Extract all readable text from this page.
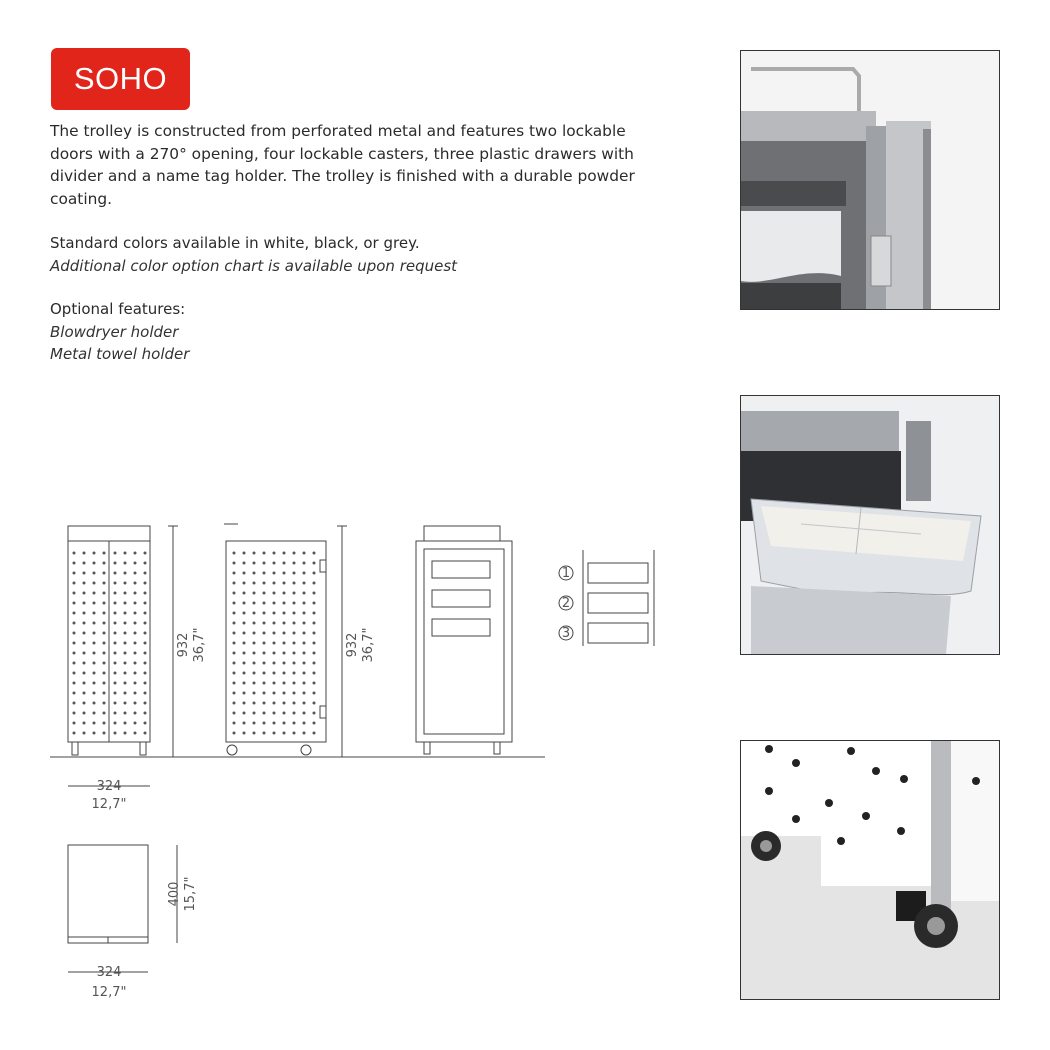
SOHO
The trolley is constructed from perforated metal and features two lockable doors with a 270° opening, four lockable casters, three plastic drawers with divider and a name tag holder. The trolley is finished with a durable powder coating.
Standard colors available in white, black, or grey.
Additional color option chart is available upon request
Optional features:
Blowdryer holder
Metal towel holder
932 36,7"	932 36,7"
324
12,7"
400 15,7"
324
12,7"
1
2
3
